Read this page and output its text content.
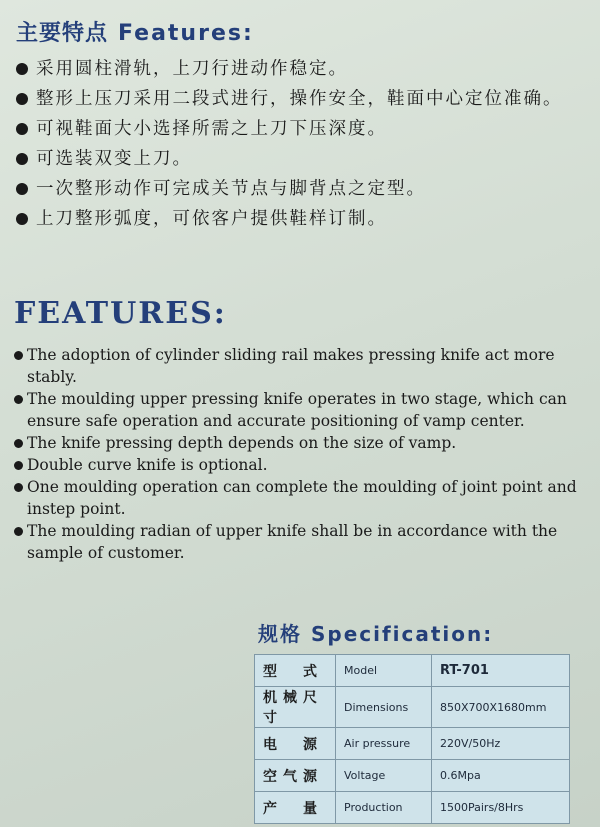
主要特点 Features:
采用圆柱滑轨，上刀行进动作稳定。
整形上压刀采用二段式进行，操作安全，鞋面中心定位准确。
可视鞋面大小选择所需之上刀下压深度。
可选装双变上刀。
一次整形动作可完成关节点与脚背点之定型。
上刀整形弧度，可依客户提供鞋样订制。
FEATURES:
The adoption of cylinder sliding rail makes pressing knife act more stably.
The moulding upper pressing knife operates in two stage, which can ensure safe operation and accurate positioning of vamp center.
The knife pressing depth depends on the size of vamp.
Double curve knife is optional.
One moulding operation can complete the moulding of joint point and instep point.
The moulding radian of upper knife shall be in accordance with the sample of customer.
规格 Specification:
型　式	Model	RT-701
机械尺寸	Dimensions	850X700X1680mm
电　源	Air pressure	220V/50Hz
空气源	Voltage	0.6Mpa
产　量	Production	1500Pairs/8Hrs
